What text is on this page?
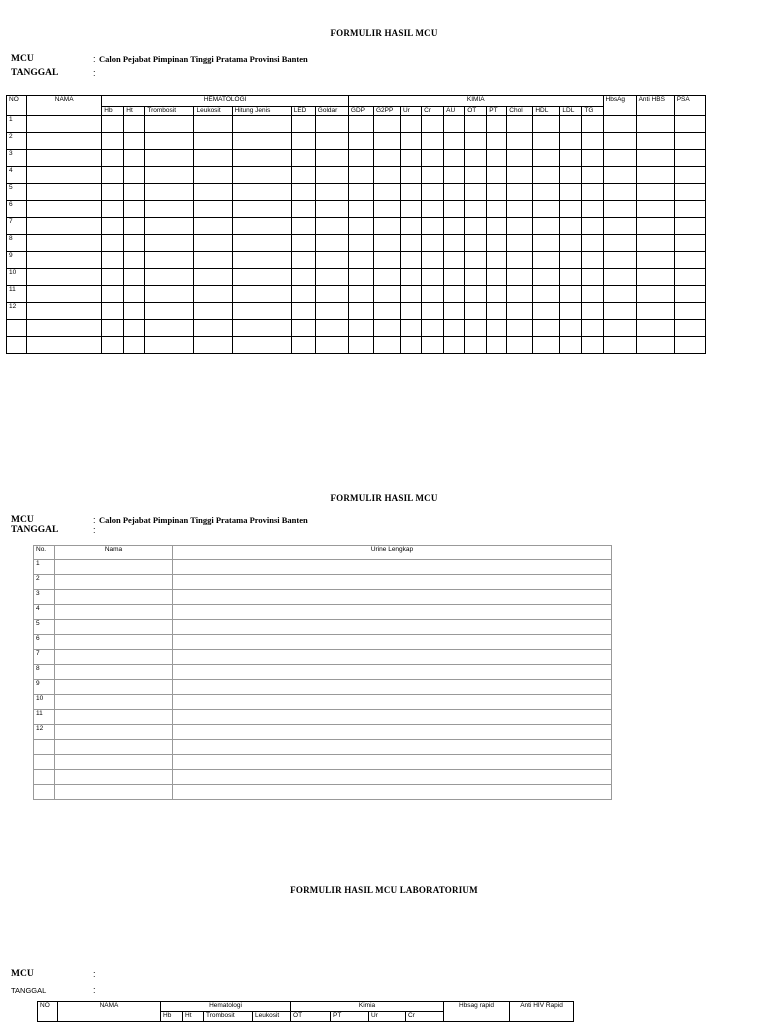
FORMULIR HASIL MCU
MCU	: Calon Pejabat Pimpinan Tinggi Pratama Provinsi Banten
TANGGAL	:
NO	NAMA	HEMATOLOGI							KIMIA											HbsAg	Anti HBS	PSA
		Hb	Ht	Trombosit	Leukosit	Hitung Jenis	LED	Goldar	GDP	G2PP	Ur	Cr	AU	OT	PT	Chol	HDL	LDL	TG			
1																						
2																						
3																						
4																						
5																						
6																						
7																						
8																						
9																						
10																						
11																						
12																						

FORMULIR HASIL MCU
MCU	: Calon Pejabat Pimpinan Tinggi Pratama Provinsi Banten
TANGGAL	:
No.	Nama	Urine Lengkap
1		
2		
3		
4		
5		
6		
7		
8		
9		
10		
11		
12		

FORMULIR HASIL MCU LABORATORIUM
MCU	:
TANGGAL	:
NO	NAMA	Hematologi				Kimia				Hbsag rapid	Anti HIV Rapid
		Hb	Ht	Trombosit	Leukosit	OT	PT	Ur	Cr		
